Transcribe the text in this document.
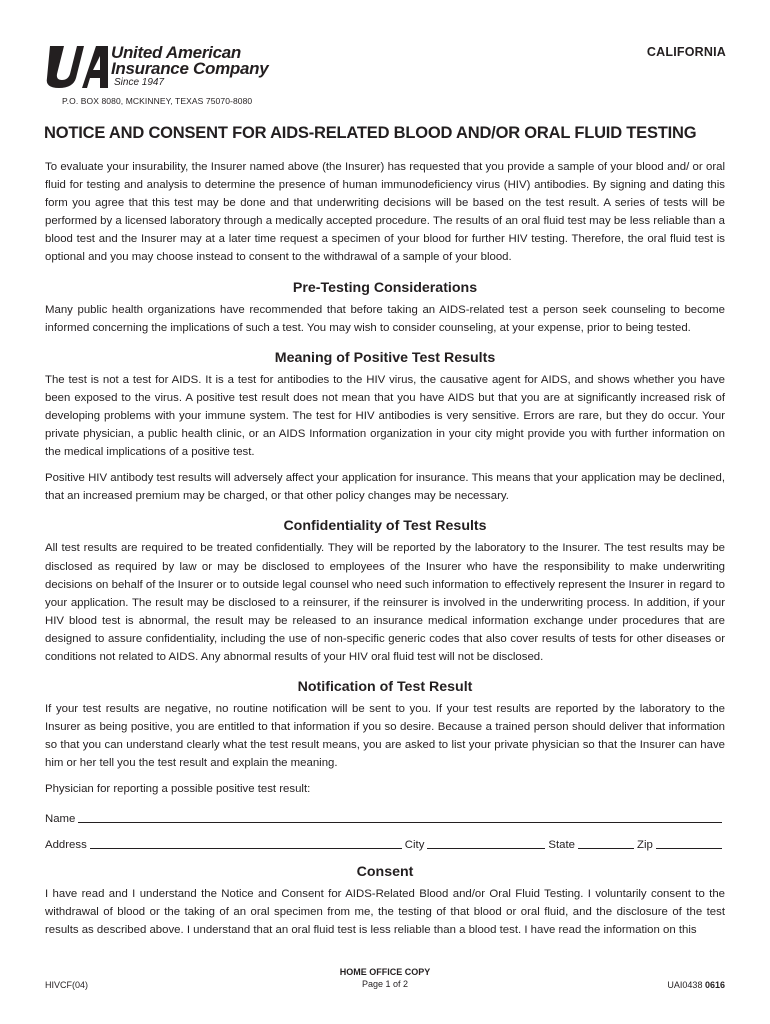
United American
Insurance Company
Since 1947
CALIFORNIA
P.O. BOX 8080, MCKINNEY, TEXAS 75070-8080
NOTICE AND CONSENT FOR AIDS-RELATED BLOOD AND/OR ORAL FLUID TESTING

To evaluate your insurability, the Insurer named above (the Insurer) has requested that you provide a sample of your blood and/ or oral fluid for testing and analysis to determine the presence of human immunodeficiency virus (HIV) antibodies. By signing and dating this form you agree that this test may be done and that underwriting decisions will be based on the test result. A series of tests will be performed by a licensed laboratory through a medically accepted procedure. The results of an oral fluid test may be less reliable than a blood test and the Insurer may at a later time request a specimen of your blood for further HIV testing. Therefore, the oral fluid test is optional and you may choose instead to consent to the withdrawal of a sample of your blood.

Pre-Testing Considerations

Many public health organizations have recommended that before taking an AIDS-related test a person seek counseling to become informed concerning the implications of such a test. You may wish to consider counseling, at your expense, prior to being tested.

Meaning of Positive Test Results

The test is not a test for AIDS. It is a test for antibodies to the HIV virus, the causative agent for AIDS, and shows whether you have been exposed to the virus. A positive test result does not mean that you have AIDS but that you are at significantly increased risk of developing problems with your immune system. The test for HIV antibodies is very sensitive. Errors are rare, but they do occur. Your private physician, a public health clinic, or an AIDS Information organization in your city might provide you with further information on the medical implications of a positive test.

Positive HIV antibody test results will adversely affect your application for insurance. This means that your application may be declined, that an increased premium may be charged, or that other policy changes may be necessary.

Confidentiality of Test Results

All test results are required to be treated confidentially. They will be reported by the laboratory to the Insurer. The test results may be disclosed as required by law or may be disclosed to employees of the Insurer who have the responsibility to make underwriting decisions on behalf of the Insurer or to outside legal counsel who need such information to effectively represent the Insurer in regard to your application. The result may be disclosed to a reinsurer, if the reinsurer is involved in the underwriting process. In addition, if your HIV blood test is abnormal, the result may be released to an insurance medical information exchange under procedures that are designed to assure confidentiality, including the use of non-specific generic codes that also cover results of tests for other diseases or conditions not related to AIDS. Any abnormal results of your HIV oral fluid test will not be disclosed.

Notification of Test Result

If your test results are negative, no routine notification will be sent to you. If your test results are reported by the laboratory to the Insurer as being positive, you are entitled to that information if you so desire. Because a trained person should deliver that information so that you can understand clearly what the test result means, you are asked to list your private physician so that the Insurer can have him or her tell you the test result and explain the meaning.

Physician for reporting a possible positive test result:

Name
Address	City	State	Zip
Consent

I have read and I understand the Notice and Consent for AIDS-Related Blood and/or Oral Fluid Testing. I voluntarily consent to the withdrawal of blood or the taking of an oral specimen from me, the testing of that blood or oral fluid, and the disclosure of the test results as described above. I understand that an oral fluid test is less reliable than a blood test. I have read the information on this

HIVCF(04)
HOME OFFICE COPY
Page 1 of 2	UAI0438 0616
